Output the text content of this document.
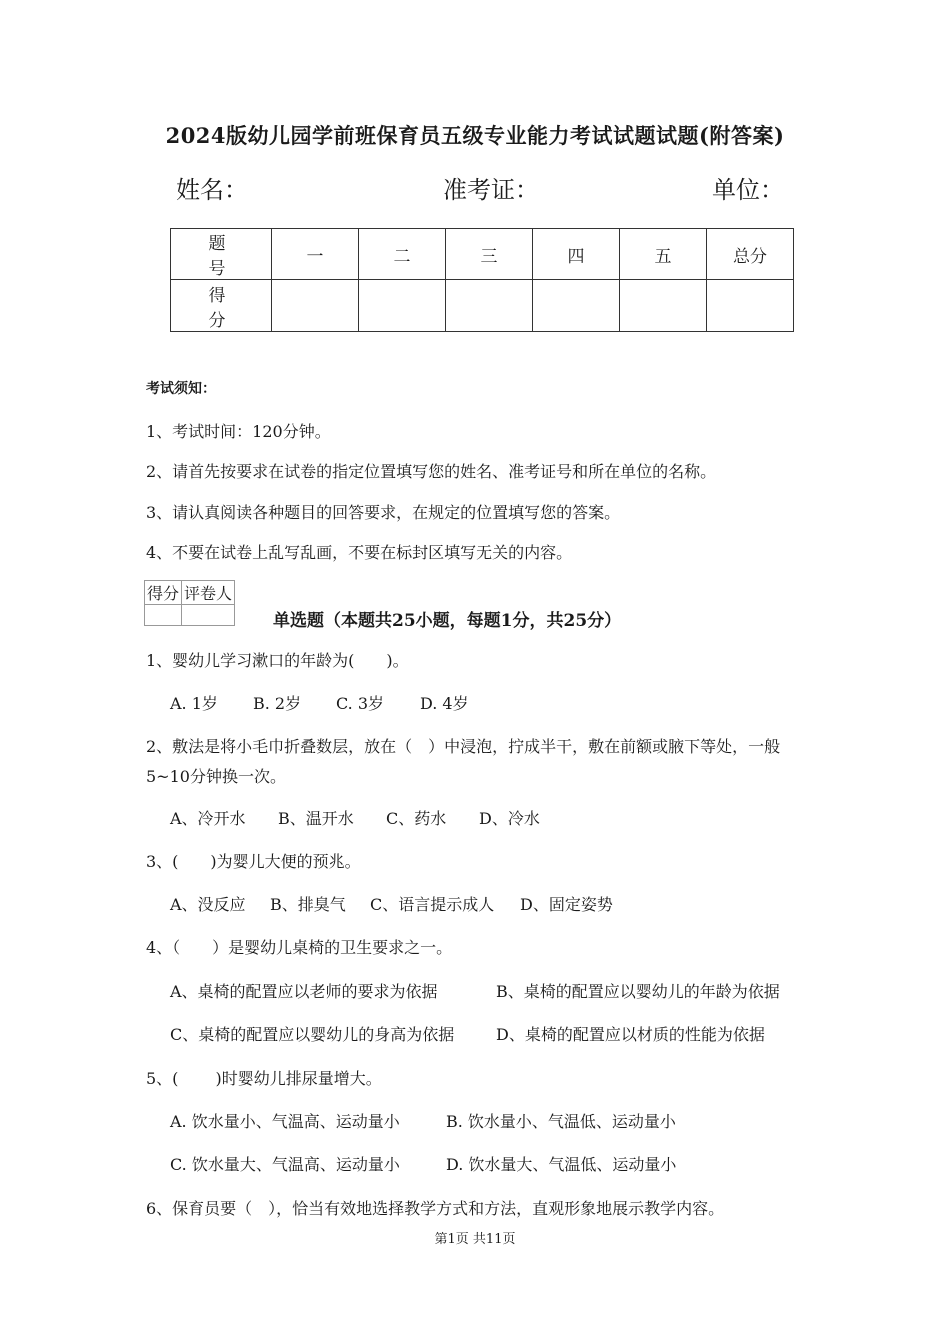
2024版幼儿园学前班保育员五级专业能力考试试题试题(附答案)
姓名：	准考证：	单位：
题 号	一	二	三	四	五	总分
得 分						
考试须知：
1、考试时间：120分钟。
2、请首先按要求在试卷的指定位置填写您的姓名、准考证号和所在单位的名称。
3、请认真阅读各种题目的回答要求，在规定的位置填写您的答案。
4、不要在试卷上乱写乱画，不要在标封区填写无关的内容。
得分	评卷人

单选题（本题共25小题，每题1分，共25分）
1、婴幼儿学习漱口的年龄为(　　)。
A. 1岁 B. 2岁 C. 3岁 D. 4岁
2、敷法是将小毛巾折叠数层，放在（　）中浸泡，拧成半干，敷在前额或腋下等处，一般
5~10分钟换一次。
A、冷开水 B、温开水 C、药水 D、冷水
3、(　　)为婴儿大便的预兆。
A、没反应 B、排臭气 C、语言提示成人 D、固定姿势
4、（　　）是婴幼儿桌椅的卫生要求之一。
A、桌椅的配置应以老师的要求为依据	B、桌椅的配置应以婴幼儿的年龄为依据
C、桌椅的配置应以婴幼儿的身高为依据	D、桌椅的配置应以材质的性能为依据
5、(　　 )时婴幼儿排尿量增大。
A. 饮水量小、气温高、运动量小	B. 饮水量小、气温低、运动量小
C. 饮水量大、气温高、运动量小	D. 饮水量大、气温低、运动量小
6、保育员要（　），恰当有效地选择教学方式和方法，直观形象地展示教学内容。
第1页 共11页
